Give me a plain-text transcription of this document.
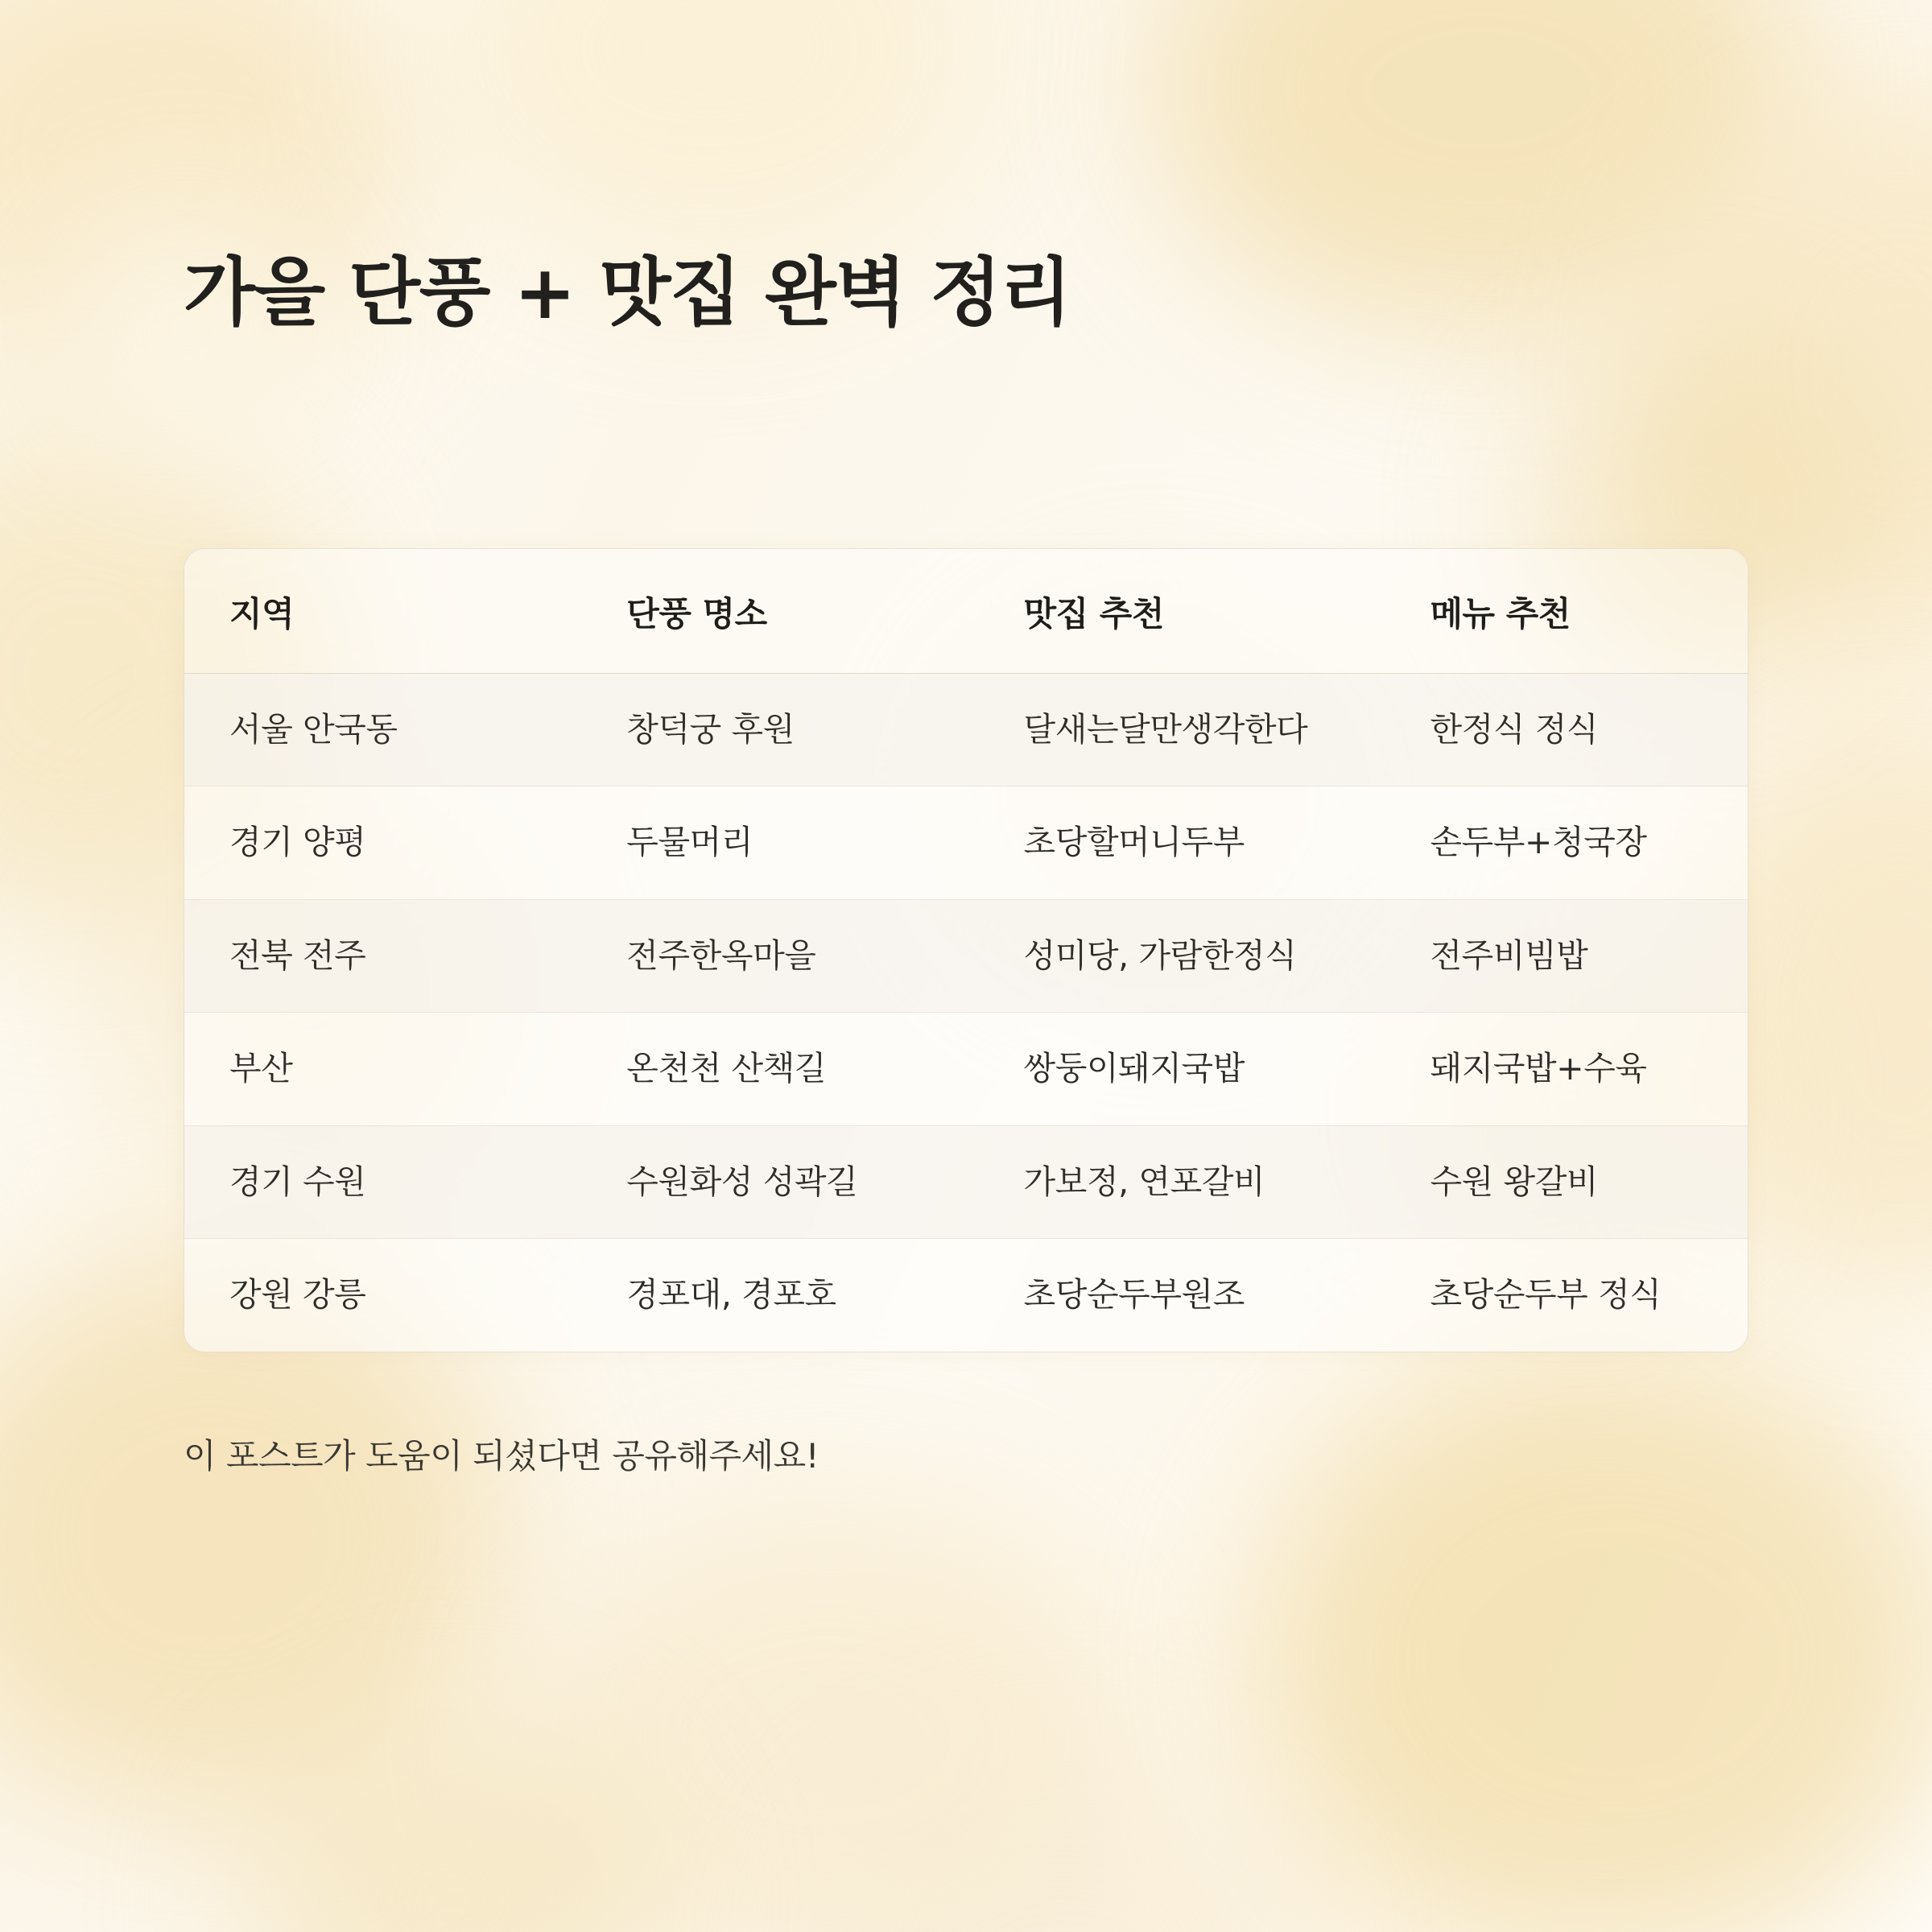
가을 단풍 + 맛집 완벽 정리
지역	단풍 명소	맛집 추천	메뉴 추천
서울 안국동	창덕궁 후원	달새는달만생각한다	한정식 정식
경기 양평	두물머리	초당할머니두부	손두부+청국장
전북 전주	전주한옥마을	성미당, 가람한정식	전주비빔밥
부산	온천천 산책길	쌍둥이돼지국밥	돼지국밥+수육
경기 수원	수원화성 성곽길	가보정, 연포갈비	수원 왕갈비
강원 강릉	경포대, 경포호	초당순두부원조	초당순두부 정식
이 포스트가 도움이 되셨다면 공유해주세요!
